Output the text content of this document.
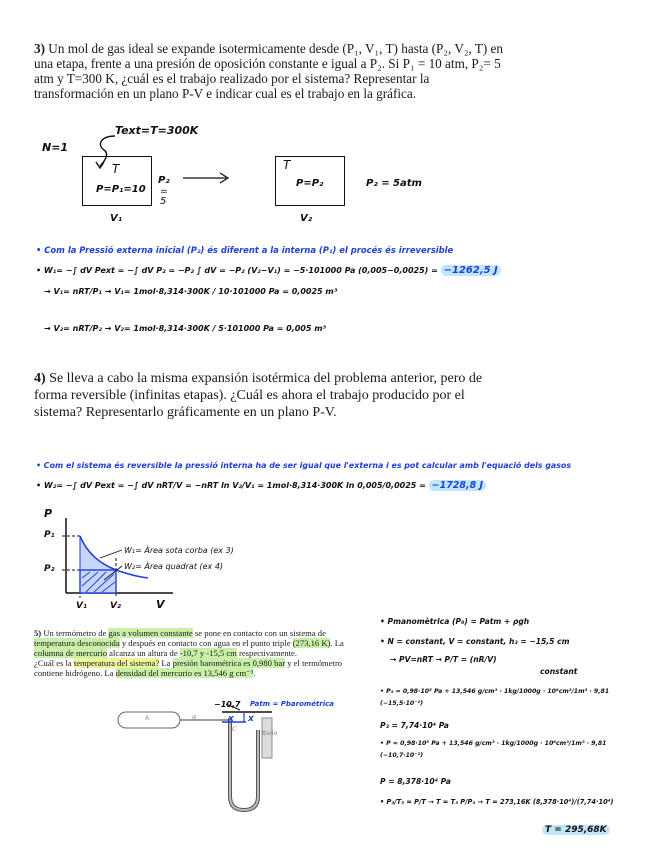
3) Un mol de gas ideal se expande isotermicamente desde (P₁, V₁, T) hasta (P₂, V₂, T) en una etapa, frente a una presión de oposición constante e igual a P₂. Si P₁ = 10 atm, P₂= 5 atm y T=300 K, ¿cuál es el trabajo realizado por el sistema? Representar la transformación en un plano P-V e indicar cual es el trabajo en la gráfica.
N=1
Text=T=300K
T
P=P₁=10
P₂
=
5
V₁
T
P=P₂	P₂ = 5atm
V₂
• Com la Pressió externa inicial (P₂) és diferent a la interna (P₁) el procés és irreversible
• W₁= −∫ dV Pext = −∫ dV P₂ = −P₂ ∫ dV = −P₂ (V₂−V₁) = −5·101000 Pa (0,005−0,0025) = −1262,5 J
→ V₁= nRT/P₁ → V₁= 1mol·8,314·300K / 10·101000 Pa = 0,0025 m³
→ V₂= nRT/P₂ → V₂= 1mol·8,314·300K / 5·101000 Pa = 0,005 m³
4) Se lleva a cabo la misma expansión isotérmica del problema anterior, pero de forma reversible (infinitas etapas). ¿Cuál es ahora el trabajo producido por el sistema? Representarlo gráficamente en un plano P-V.
• Com el sistema és reversible la pressió interna ha de ser igual que l'externa i es pot calcular amb l'equació dels gasos
• W₂= −∫ dV Pext = −∫ dV nRT/V = −nRT ln V₂/V₁ = 1mol·8,314·300K ln 0,005/0,0025 = −1728,8 J
P
P₁
P₂
V₁	V₂	V
W₁= Àrea sota corba (ex 3)
W₂= Àrea quadrat (ex 4)
5) Un termómetro de gas a volumen constante se pone en contacto con un sistema de temperatura desconocida y después en contacto con agua en el punto triple (273,16 K). La columna de mercurio alcanza un altura de -10,7 y -15,5 cm respectivamente.
¿Cuál es la temperatura del sistema? La presión barométrica es 0,980 bar y el termómetro contiene hidrógeno. La densidad del mercurio es 13,546 g cm⁻³.
A	B
C
Baño
−10,7 Patm = Pbarométrica
x x
• Pmanomètrica (P₀) = Patm + ρgh
• N = constant, V = constant, h₃ = −15,5 cm
→ PV=nRT → P/T = (nR/V)
constant
• P₃ = 0,98·10⁵ Pa + 13,546 g/cm³ · 1kg/1000g · 10⁶cm³/1m³ · 9,81 (−15,5·10⁻²)
P₃ = 7,74·10⁴ Pa
• P = 0,98·10⁵ Pa + 13,546 g/cm³ · 1kg/1000g · 10⁶cm³/1m³ · 9,81 (−10,7·10⁻²)
P = 8,378·10⁴ Pa
• P₃/T₃ = P/T → T = T₃ P/P₃ → T = 273,16K (8,378·10⁴)/(7,74·10⁴)
T = 295,68K
